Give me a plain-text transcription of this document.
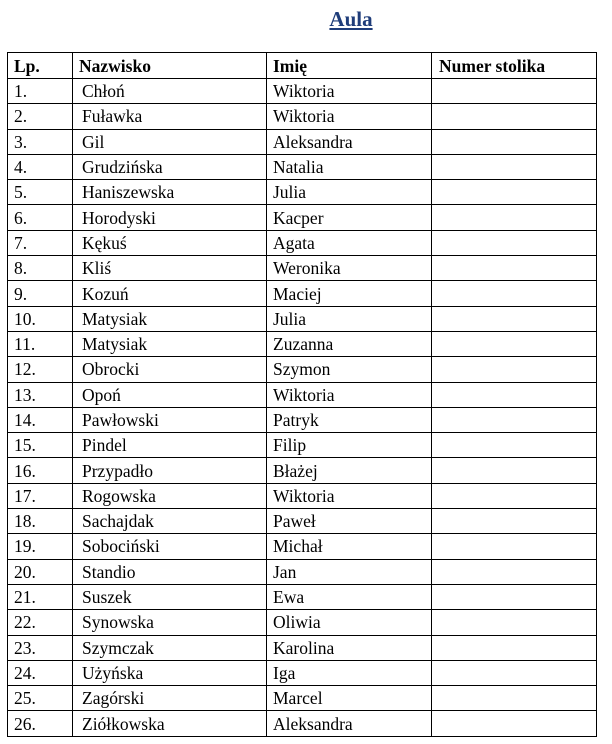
Aula
Lp.	Nazwisko	Imię	Numer stolika
1.	Chłoń	Wiktoria	
2.	Fuławka	Wiktoria	
3.	Gil	Aleksandra	
4.	Grudzińska	Natalia	
5.	Haniszewska	Julia	
6.	Horodyski	Kacper	
7.	Kękuś	Agata	
8.	Kliś	Weronika	
9.	Kozuń	Maciej	
10.	Matysiak	Julia	
11.	Matysiak	Zuzanna	
12.	Obrocki	Szymon	
13.	Opoń	Wiktoria	
14.	Pawłowski	Patryk	
15.	Pindel	Filip	
16.	Przypadło	Błażej	
17.	Rogowska	Wiktoria	
18.	Sachajdak	Paweł	
19.	Sobociński	Michał	
20.	Standio	Jan	
21.	Suszek	Ewa	
22.	Synowska	Oliwia	
23.	Szymczak	Karolina	
24.	Użyńska	Iga	
25.	Zagórski	Marcel	
26.	Ziółkowska	Aleksandra	
